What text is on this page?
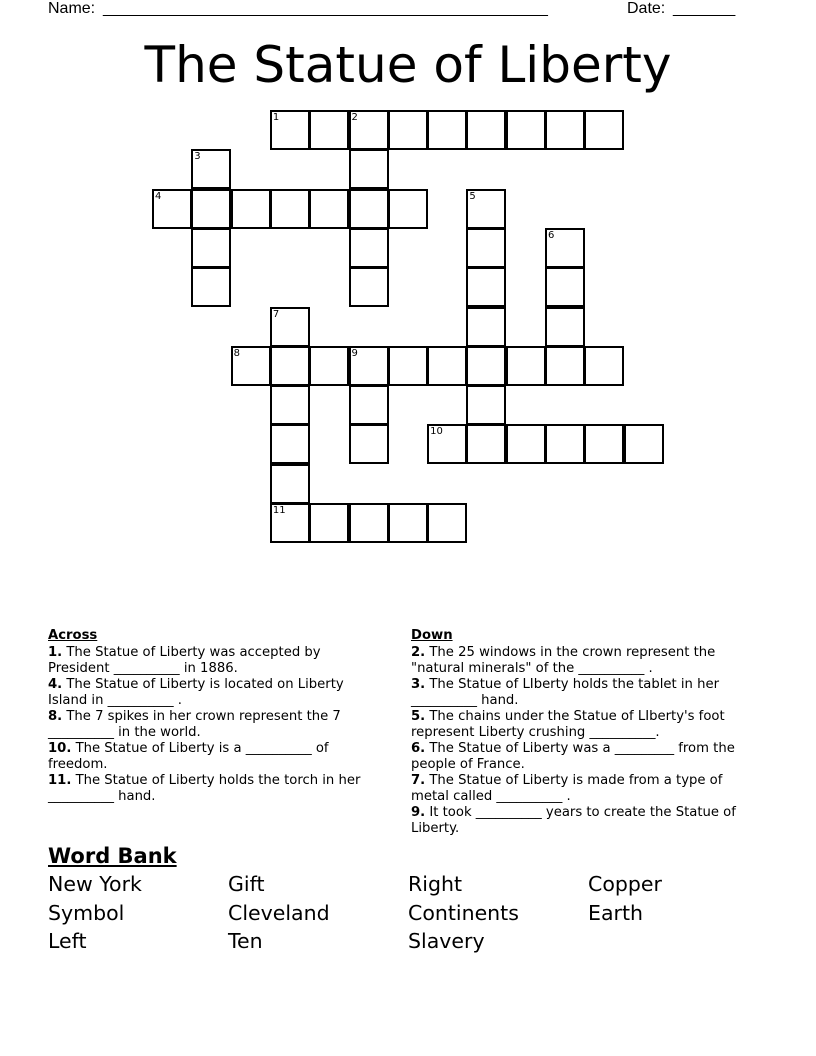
Name: __________________________________________________	Date: _______
The Statue of Liberty
1	2
3
4	5
6
7
8	9
10
11
Across
1. The Statue of Liberty was accepted by President __________ in 1886.
4. The Statue of Liberty is located on Liberty Island in __________ .
8. The 7 spikes in her crown represent the 7 __________ in the world.
10. The Statue of Liberty is a __________ of freedom.
11. The Statue of Liberty holds the torch in her __________ hand.
Down
2. The 25 windows in the crown represent the "natural minerals" of the __________ .
3. The Statue of LIberty holds the tablet in her __________ hand.
5. The chains under the Statue of LIberty's foot represent Liberty crushing __________.
6. The Statue of Liberty was a _________ from the people of France.
7. The Statue of Liberty is made from a type of metal called __________ .
9. It took __________ years to create the Statue of Liberty.
Word Bank
New York	Gift	Right	Copper
Symbol	Cleveland	Continents	Earth
Left	Ten	Slavery
